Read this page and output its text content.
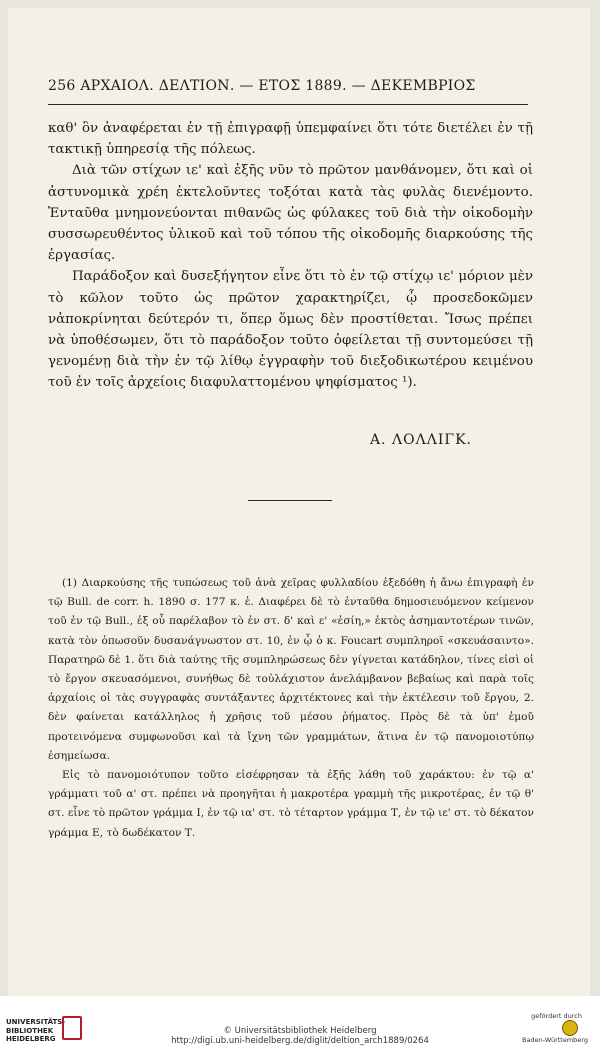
256 ΑΡΧΑΙΟΛ. ΔΕΛΤΙΟΝ. — ΕΤΟΣ 1889. — ΔΕΚΕΜΒΡΙΟΣ

καθ' ὃν ἀναφέρεται ἐν τῇ ἐπιγραφῇ ὑπεμφαίνει ὅτι τότε διετέλει ἐν τῇ τακτικῇ ὑπηρεσίᾳ τῆς πόλεως.

Διὰ τῶν στίχων ιε' καὶ ἑξῆς νῦν τὸ πρῶτον μανθάνομεν, ὅτι καὶ οἱ ἀστυνομικὰ χρέη ἐκτελοῦντες τοξόται κατὰ τὰς φυλὰς διενέμοντο. Ἐνταῦθα μνημονεύονται πιθανῶς ὡς φύλακες τοῦ διὰ τὴν οἰκοδομὴν συσσωρευθέντος ὑλικοῦ καὶ τοῦ τόπου τῆς οἰκοδομῆς διαρκούσης τῆς ἐργασίας.

Παράδοξον καὶ δυσεξήγητον εἶνε ὅτι τὸ ἐν τῷ στίχῳ ιε' μόριον μὲν τὸ κῶλον τοῦτο ὡς πρῶτον χαρακτηρίζει, ᾧ προσεδοκῶμεν νἀποκρίνηται δεύτερόν τι, ὅπερ ὅμως δὲν προστίθεται. Ἴσως πρέπει νὰ ὑποθέσωμεν, ὅτι τὸ παράδοξον τοῦτο ὀφείλεται τῇ συντομεύσει τῇ γενομένῃ διὰ τὴν ἐν τῷ λίθῳ ἐγγραφὴν τοῦ διεξοδικωτέρου κειμένου τοῦ ἐν τοῖς ἀρχείοις διαφυλαττομένου ψηφίσματος ¹).

Α. ΛΟΛΛΙΓΚ.

(1) Διαρκούσης τῆς τυπώσεως τοῦ ἀνὰ χεῖρας φυλλαδίου ἐξεδόθη ἡ ἄνω ἐπιγραφὴ ἐν τῷ Bull. de corr. h. 1890 σ. 177 κ. ἑ. Διαφέρει δὲ τὸ ἐνταῦθα δημοσιευόμενον κείμενον τοῦ ἐν τῷ Bull., ἐξ οὗ παρέλαβον τὸ ἐν στ. δ' καὶ ε' «ἐσίη,» ἐκτὸς ἀσημαντοτέρων τινῶν, κατὰ τὸν ὁπωσοῦν δυσανάγνωστον στ. 10, ἐν ᾧ ὁ κ. Foucart συμπληροῖ «σκευάσαιντο». Παρατηρῶ δὲ 1. ὅτι διὰ ταύτης τῆς συμπληρώσεως δὲν γίγνεται κατάδηλον, τίνες εἰσὶ οἱ τὸ ἔργον σκευασόμενοι, συνήθως δὲ τοὐλάχιστον ἀνελάμβανον βεβαίως καὶ παρὰ τοῖς ἀρχαίοις οἱ τὰς συγγραφὰς συντάξαντες ἀρχιτέκτονες καὶ τὴν ἐκτέλεσιν τοῦ ἔργου, 2. δὲν φαίνεται κατάλληλος ἡ χρῆσις τοῦ μέσου ῥήματος. Πρὸς δὲ τὰ ὑπ' ἐμοῦ προτεινόμενα συμφωνοῦσι καὶ τὰ ἴχνη τῶν γραμμάτων, ἅτινα ἐν τῷ πανομοιοτύπῳ ἐσημείωσα.

Εἰς τὸ πανομοιότυπον τοῦτο εἰσέφρησαν τὰ ἑξῆς λάθη τοῦ χαράκτου: ἐν τῷ α' γράμματι τοῦ α' στ. πρέπει νὰ προηγῆται ἡ μακροτέρα γραμμὴ τῆς μικροτέρας, ἐν τῷ θ' στ. εἶνε τὸ πρῶτον γράμμα Ι, ἐν τῷ ια' στ. τὸ τέταρτον γράμμα Τ, ἐν τῷ ιε' στ. τὸ δέκατον γράμμα Ε, τὸ δωδέκατον Τ.

UNIVERSITÄTS-
BIBLIOTHEK
HEIDELBERG
© Universitätsbibliothek Heidelberg
http://digi.ub.uni-heidelberg.de/diglit/deltion_arch1889/0264
gefördert durch
Baden-Württemberg
